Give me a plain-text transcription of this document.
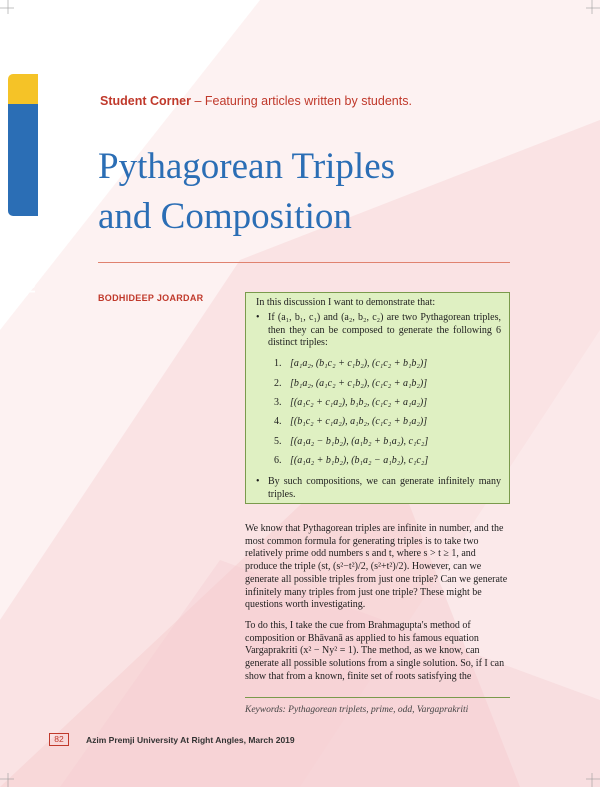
TechSpace
Student Corner – Featuring articles written by students.
Pythagorean Triples
and Composition
BODHIDEEP JOARDAR	In this discussion I want to demonstrate that:
• If (a₁, b₁, c₁) and (a₂, b₂, c₂) are two Pythagorean triples, then they can be composed to generate the following 6 distinct triples:
1. [a₁a₂, (b₁c₂ + c₁b₂), (c₁c₂ + b₁b₂)]
2. [b₁a₂, (a₁c₂ + c₁b₂), (c₁c₂ + a₁b₂)]
3. [(a₁c₂ + c₁a₂), b₁b₂, (c₁c₂ + a₁a₂)]
4. [(b₁c₂ + c₁a₂), a₁b₂, (c₁c₂ + b₁a₂)]
5. [(a₁a₂ − b₁b₂), (a₁b₂ + b₁a₂), c₁c₂]
6. [(a₁a₂ + b₁b₂), (b₁a₂ − a₁b₂), c₁c₂]
• By such compositions, we can generate infinitely many triples.

We know that Pythagorean triples are infinite in number, and the most common formula for generating triples is to take two relatively prime odd numbers s and t, where s > t ≥ 1, and produce the triple (st, (s²−t²)/2, (s²+t²)/2). However, can we generate all possible triples from just one triple? Can we generate infinitely many triples from just one triple? These might be questions worth investigating.

To do this, I take the cue from Brahmagupta's method of composition or Bhāvanā as applied to his famous equation Vargaprakriti (x² − Ny² = 1). The method, as we know, can generate all possible solutions from a single solution. So, if I can show that from a known, finite set of roots satisfying the

Keywords: Pythagorean triplets, prime, odd, Vargaprakriti
82	Azim Premji University At Right Angles, March 2019
